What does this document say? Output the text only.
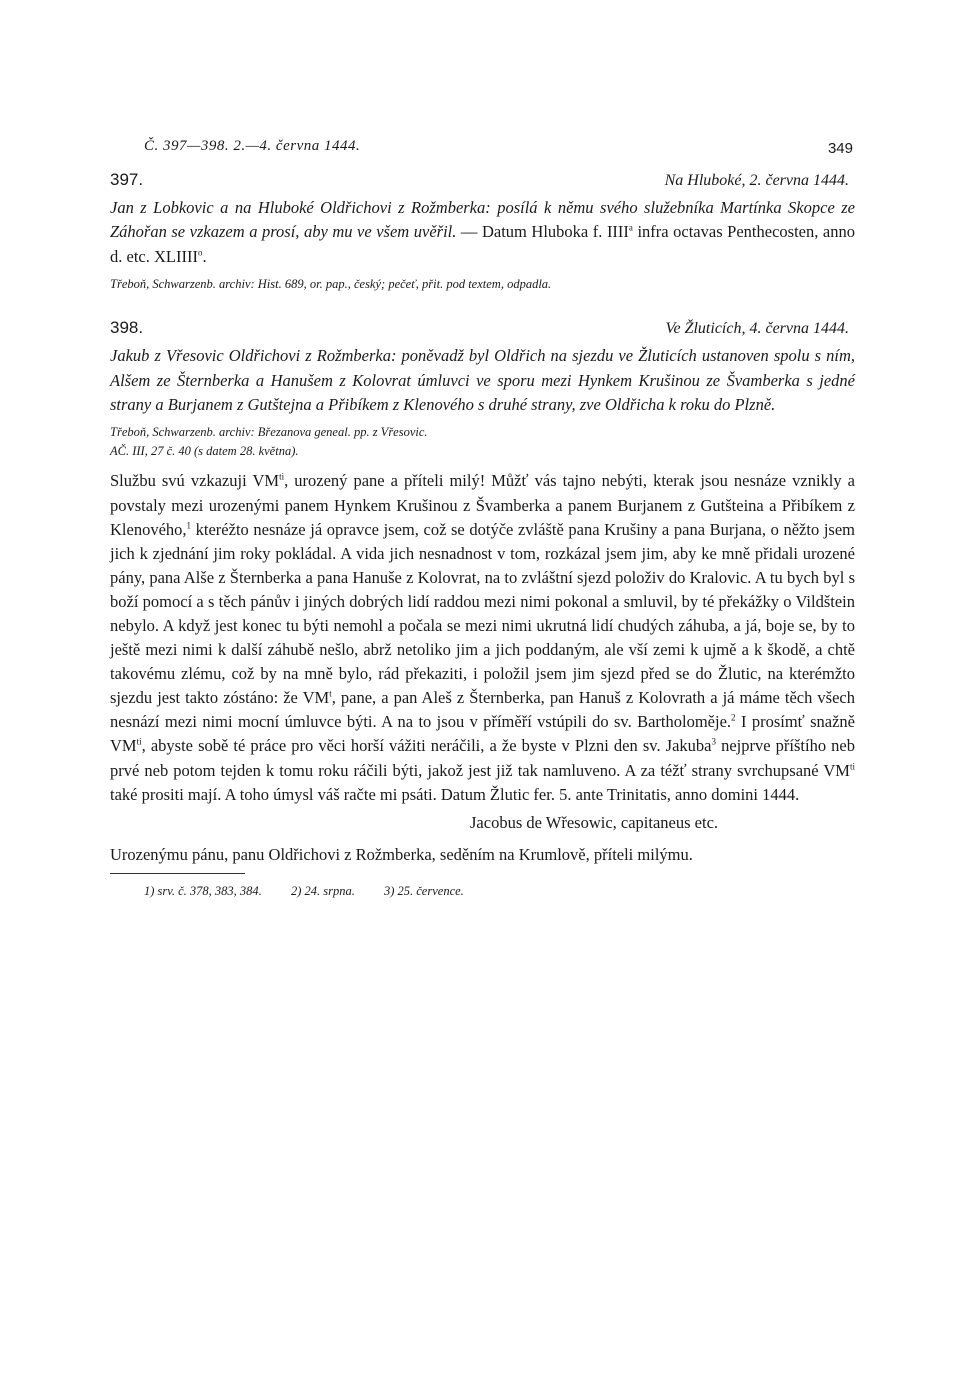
Č. 397—398. 2.—4. června 1444.	349
397.	Na Hluboké, 2. června 1444.

Jan z Lobkovic a na Hluboké Oldřichovi z Rožmberka: posílá k němu svého služebníka Martínka Skopce ze Záhořan se vzkazem a prosí, aby mu ve všem uvěřil. — Datum Hluboka f. IIII$^a$ infra octavas Penthecosten, anno d. etc. XLIIII$^o$.

Třeboň, Schwarzenb. archiv: Hist. 689, or. pap., český; pečeť, přit. pod textem, odpadla.

398.	Ve Žluticích, 4. června 1444.

Jakub z Vřesovic Oldřichovi z Rožmberka: poněvadž byl Oldřich na sjezdu ve Žluticích ustanoven spolu s ním, Alšem ze Šternberka a Hanušem z Kolovrat úmluvci ve sporu mezi Hynkem Krušinou ze Švamberka s jedné strany a Burjanem z Gutštejna a Přibíkem z Klenového s druhé strany, zve Oldřicha k roku do Plzně.

Třeboň, Schwarzenb. archiv: Březanova geneal. pp. z Vřesovic.
AČ. III, 27 č. 40 (s datem 28. května).

Službu svú vzkazuji $VM^{ti}$, urozený pane a příteli milý! Můžť vás tajno nebýti, kterak jsou nesnáze vznikly a povstaly mezi urozenými panem Hynkem Krušinou z Švamberka a panem Burjanem z Gutšteina a Přibíkem z Klenového,$^1$ kteréžto nesnáze já opravce jsem, což se dotýče zvláště pana Krušiny a pana Burjana, o něžto jsem jich k zjednání jim roky pokládal. A vida jich nesnadnost v tom, rozkázal jsem jim, aby ke mně přidali urozené pány, pana Alše z Šternberka a pana Hanuše z Kolovrat, na to zvláštní sjezd položiv do Kralovic. A tu bych byl s boží pomocí a s těch pánův i jiných dobrých lidí raddou mezi nimi pokonal a smluvil, by té překážky o Vildštein nebylo. A když jest konec tu býti nemohl a počala se mezi nimi ukrutná lidí chudých záhuba, a já, boje se, by to ještě mezi nimi k další záhubě nešlo, abrž netoliko jim a jich poddaným, ale vší zemi k ujmě a k škodě, a chtě takovému zlému, což by na mně bylo, rád překaziti, i položil jsem jim sjezd před se do Žlutic, na kterémžto sjezdu jest takto zóstáno: že $VM^t$, pane, a pan Aleš z Šternberka, pan Hanuš z Kolovrath a já máme těch všech nesnází mezi nimi mocní úmluvce býti. A na to jsou v příměří vstúpili do sv. Bartholoměje.$^2$ I prosímť snažně $VM^{ti}$, abyste sobě té práce pro věci horší vážiti neráčili, a že byste v Plzni den sv. Jakuba$^3$ nejprve příštího neb prvé neb potom tejden k tomu roku ráčili býti, jakož jest již tak namluveno. A za téžť strany svrchupsané $VM^{ti}$ také prositi mají. A toho úmysl váš račte mi psáti. Datum Žlutic fer. 5. ante Trinitatis, anno domini 1444.

Jacobus de Wřesowic, capitaneus etc.

Urozenýmu pánu, panu Oldřichovi z Rožmberka, seděním na Krumlově, příteli milýmu.

1) srv. č. 378, 383, 384. 2) 24. srpna. 3) 25. července.
